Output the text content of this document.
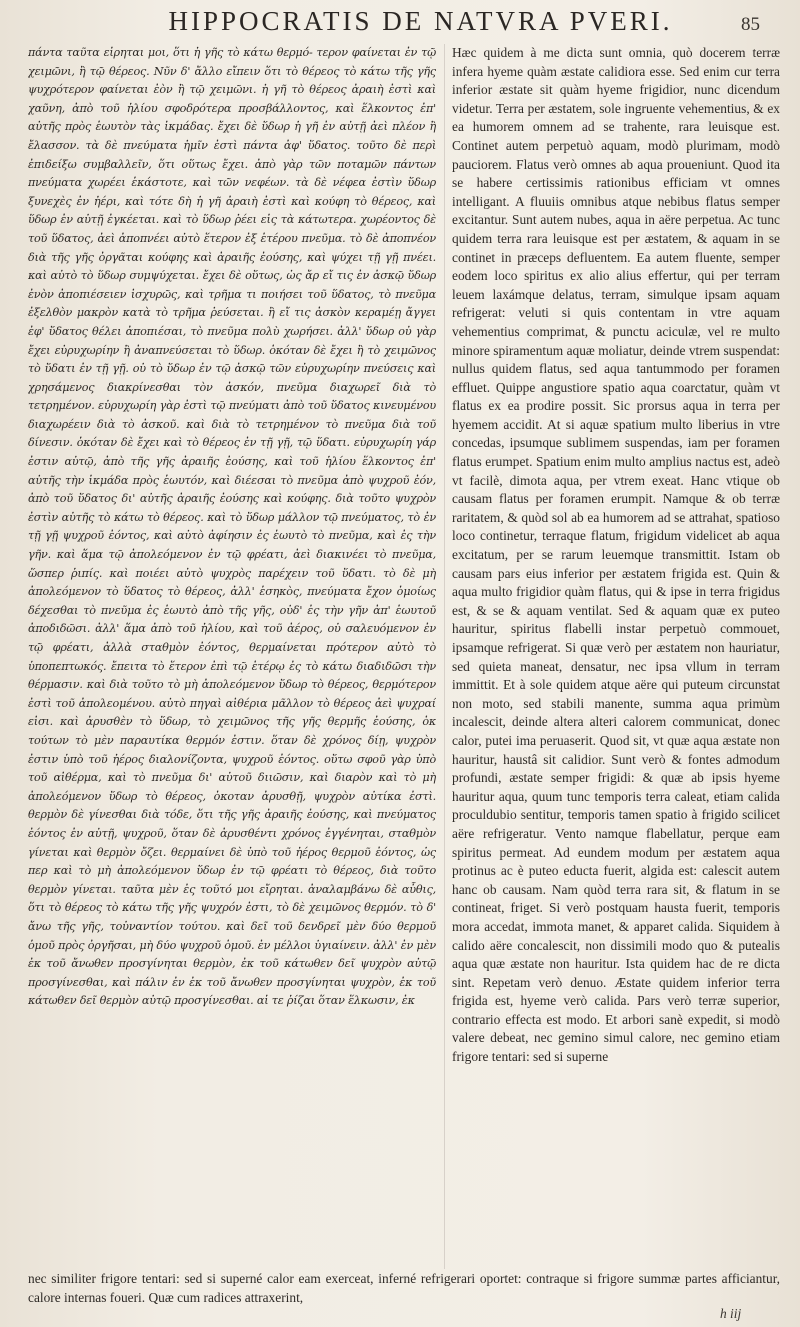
HIPPOCRATIS DE NATVRA PVERI.	85

πάντα ταῦτα εἰρηται μοι, ὅτι ἡ γῆς τὸ κάτω θερμό- τερον φαίνεται ἐν τῷ χειμῶνι, ἢ τῷ θέρεος. Νῦν δ' ἄλλο εἴπειν ὅτι τὸ θέρεος τὸ κάτω τῆς γῆς ψυχρότερον φαίνεται ἐὸν ἢ τῷ χειμῶνι. ἡ γῆ τὸ θέρεος ἀραιὴ ἐστὶ καὶ χαῦνη, ἀπὸ τοῦ ἡλίου σφοδρότερα προσβάλλοντος, καὶ ἕλκοντος ἐπ' αὐτῆς πρὸς ἑωυτὸν τὰς ἰκμάδας. ἔχει δὲ ὕδωρ ἡ γῆ ἐν αὐτῇ ἀεὶ πλέον ἢ ἔλασσον. τὰ δὲ πνεύματα ἡμῖν ἐστὶ πάντα ἀφ' ὕδατος. τοῦτο δὲ περὶ ἐπιδείξω συμβαλλεῖν, ὅτι οὕτως ἔχει. ἀπὸ γὰρ τῶν ποταμῶν πάντων πνεύματα χωρέει ἑκάστοτε, καὶ τῶν νεφέων. τὰ δὲ νέφεα ἐστὶν ὕδωρ ξυνεχὲς ἐν ἠέρι, καὶ τότε δὴ ἡ γῆ ἀραιὴ ἐστὶ καὶ κούφη τὸ θέρεος, καὶ ὕδωρ ἐν αὐτῇ ἐγκέεται. καὶ τὸ ὕδωρ ῥέει εἰς τὰ κάτωτερα. χωρέοντος δὲ τοῦ ὕδατος, ἀεὶ ἀποπνέει αὐτὸ ἕτερον ἐξ ἑτέρου πνεῦμα. τὸ δὲ ἀποπνέον διὰ τῆς γῆς ὀργᾶται κούφης καὶ ἀραιῆς ἐούσης, καὶ ψύχει τῇ γῇ πνέει. καὶ αὐτὸ τὸ ὕδωρ συμψύχεται. ἔχει δὲ οὕτως, ὡς ἄρ εἴ τις ἐν ἀσκῷ ὕδωρ ἐνὸν ἀποπιέσειεν ἰσχυρῶς, καὶ τρῆμα τι ποιήσει τοῦ ὕδατος, τὸ πνεῦμα ἐξελθὸν μακρὸν κατὰ τὸ τρῆμα ῥεύσεται. ἢ εἴ τις ἀσκὸν κεραμέῃ ἄγγει ἐφ' ὕδατος θέλει ἀποπιέσαι, τὸ πνεῦμα πολὺ χωρήσει. ἀλλ' ὕδωρ οὐ γὰρ ἔχει εὐρυχωρίην ἢ ἀναπνεύσεται τὸ ὕδωρ. ὁκόταν δὲ ἔχει ἢ τὸ χειμῶνος τὸ ὕδατι ἐν τῇ γῇ. οὐ τὸ ὕδωρ ἐν τῷ ἀσκῷ τῶν εὐρυχωρίην πνεύσεις καὶ χρησάμενος διακρίνεσθαι τὸν ἀσκόν, πνεῦμα διαχωρεῖ διὰ τὸ τετρημένον. εὐρυχωρίη γὰρ ἐστὶ τῷ πνεύματι ἀπὸ τοῦ ὕδατος κινευμένου διαχωρέειν διὰ τὸ ἀσκοῦ. καὶ διὰ τὸ τετρημένον τὸ πνεῦμα διὰ τοῦ δίνεσιν. ὁκόταν δὲ ἔχει καὶ τὸ θέρεος ἐν τῇ γῇ, τῷ ὕδατι. εὐρυχωρίη γάρ ἐστιν αὐτῷ, ἀπὸ τῆς γῆς ἀραιῆς ἐούσης, καὶ τοῦ ἡλίου ἕλκοντος ἐπ' αὐτῆς τὴν ἰκμάδα πρὸς ἑωυτόν, καὶ διέεσαι τὸ πνεῦμα ἀπὸ ψυχροῦ ἐόν, ἀπὸ τοῦ ὕδατος δι' αὐτῆς ἀραιῆς ἐούσης καὶ κούφης. διὰ τοῦτο ψυχρὸν ἐστὶν αὐτῆς τὸ κάτω τὸ θέρεος. καὶ τὸ ὕδωρ μάλλον τῷ πνεύματος, τὸ ἐν τῇ γῇ ψυχροῦ ἐόντος, καὶ αὐτὸ ἀφίησιν ἐς ἑωυτὸ τὸ πνεῦμα, καὶ ἐς τὴν γῆν. καὶ ἅμα τῷ ἀπολεόμενον ἐν τῷ φρέατι, ἀεὶ διακινέει τὸ πνεῦμα, ὥσπερ ῥιπίς. καὶ ποιέει αὐτὸ ψυχρὸς παρέχειν τοῦ ὕδατι. τὸ δὲ μὴ ἀπολεόμενον τὸ ὕδατος τὸ θέρεος, ἀλλ' ἑσηκὸς, πνεύματα ἔχον ὁμοίως δέχεσθαι τὸ πνεῦμα ἐς ἑωυτὸ ἀπὸ τῆς γῆς, οὐδ' ἐς τὴν γῆν ἀπ' ἑωυτοῦ ἀποδιδῶσι. ἀλλ' ἅμα ἀπὸ τοῦ ἡλίου, καὶ τοῦ ἀέρος, οὐ σαλευόμενον ἐν τῷ φρέατι, ἀλλὰ σταθμὸν ἐόντος, θερμαίνεται πρότερον αὐτὸ τὸ ὑποπεπτωκός. ἔπειτα τὸ ἕτερον ἐπὶ τῷ ἑτέρῳ ἐς τὸ κάτω διαδιδῶσι τὴν θέρμασιν. καὶ διὰ τοῦτο τὸ μὴ ἀπολεόμενον ὕδωρ τὸ θέρεος, θερμότερον ἐστὶ τοῦ ἀπολεομένου. αὐτὸ πηγαὶ αἰθέρια μᾶλλον τὸ θέρεος ἀεὶ ψυχραί εἰσι. καὶ ἀρυσθὲν τὸ ὕδωρ, τὸ χειμῶνος τῆς γῆς θερμῆς ἐούσης, ὁκ τούτων τὸ μὲν παραυτίκα θερμόν ἐστιν. ὅταν δὲ χρόνος δίῃ, ψυχρὸν ἐστιν ὑπὸ τοῦ ἠέρος διαλονίζοντα, ψυχροῦ ἐόντος. οὕτω σφοῦ γὰρ ὑπὸ τοῦ αἰθέρμα, καὶ τὸ πνεῦμα δι' αὐτοῦ διιῶσιν, καὶ διαρὸν καὶ τὸ μὴ ἀπολεόμενον ὕδωρ τὸ θέρεος, ὁκοταν ἀρυσθῇ, ψυχρὸν αὐτίκα ἐστὶ. θερμὸν δὲ γίνεσθαι διὰ τόδε, ὅτι τῆς γῆς ἀραιῆς ἐούσης, καὶ πνεύματος ἐόντος ἐν αὐτῇ, ψυχροῦ, ὅταν δὲ ἀρυσθέντι χρόνος ἐγγένηται, σταθμὸν γίνεται καὶ θερμὸν ὄζει. θερμαίνει δὲ ὑπὸ τοῦ ἠέρος θερμοῦ ἐόντος, ὡς περ καὶ τὸ μὴ ἀπολεόμενον ὕδωρ ἐν τῷ φρέατι τὸ θέρεος, διὰ τοῦτο θερμὸν γίνεται. ταῦτα μὲν ἐς τοῦτό μοι εἴρηται. ἀναλαμβάνω δὲ αὖθις, ὅτι τὸ θέρεος τὸ κάτω τῆς γῆς ψυχρόν ἐστι, τὸ δὲ χειμῶνος θερμόν. τὸ δ' ἄνω τῆς γῆς, τοὐναντίον τούτου. καὶ δεῖ τοῦ δενδρεῖ μὲν δύο θερμοῦ ὁμοῦ πρὸς ὀργῆσαι, μὴ δύο ψυχροῦ ὁμοῦ. ἐν μέλλοι ὑγιαίνειν. ἀλλ' ἐν μὲν ἐκ τοῦ ἄνωθεν προσγίνηται θερμὸν, ἐκ τοῦ κάτωθεν δεῖ ψυχρὸν αὐτῷ προσγίνεσθαι, καὶ πάλιν ἐν ἐκ τοῦ ἄνωθεν προσγίνηται ψυχρὸν, ἐκ τοῦ κάτωθεν δεῖ θερμὸν αὐτῷ προσγίνεσθαι. αἱ τε ῥίζαι ὅταν ἕλκωσιν, ἐκ

Hæc quidem à me dicta sunt omnia, quò docerem terræ infera hyeme quàm æstate calidiora esse. Sed enim cur terra inferior æstate sit quàm hyeme frigidior, nunc dicendum videtur. Terra per æstatem, sole ingruente vehementius, & ex ea humorem omnem ad se trahente, rara leuisque est. Continet autem perpetuò aquam, modò plurimam, modò pauciorem. Flatus verò omnes ab aqua proueniunt. Quod ita se habere certissimis rationibus efficiam vt omnes intelligant. A fluuiis omnibus atque nebibus flatus semper excitantur. Sunt autem nubes, aqua in aëre perpetua. Ac tunc quidem terra rara leuisque est per æstatem, & aquam in se continet in præceps defluentem. Ea autem fluente, semper eodem loco spiritus ex alio alius effertur, qui per terram leuem laxámque delatus, terram, simulque ipsam aquam refrigerat: veluti si quis contentam in vtre aquam vehementius comprimat, & punctu aciculæ, vel re multo minore spiramentum aquæ moliatur, deinde vtrem suspendat: nullus quidem flatus, sed aqua tantummodo per foramen effluet. Quippe angustiore spatio aqua coarctatur, quàm vt flatus ex ea prodire possit. Sic prorsus aqua in terra per hyemem accidit. At si aquæ spatium multo liberius in vtre concedas, ipsumque sublimem suspendas, iam per foramen flatus erumpet. Spatium enim multo amplius nactus est, adeò vt facilè, dimota aqua, per vtrem exeat. Hanc vtique ob causam flatus per foramen erumpit. Namque & ob terræ raritatem, & quòd sol ab ea humorem ad se attrahat, spatioso loco continetur, terraque flatum, frigidum videlicet ab aqua excitatum, per se rarum leuemque transmittit. Istam ob causam pars eius inferior per æstatem frigida est. Quin & aqua multo frigidior quàm flatus, qui & ipse in terra frigidus est, & se & aquam ventilat. Sed & aquam quæ ex puteo hauritur, spiritus flabelli instar perpetuò commouet, ipsamque refrigerat. Si quæ verò per æstatem non hauriatur, sed quieta maneat, densatur, nec ipsa vllum in terram immittit. Et à sole quidem atque aëre qui puteum circunstat non moto, sed stabili manente, summa aqua primùm incalescit, deinde altera alteri calorem communicat, donec calor, putei ima peruaserit. Quod sit, vt quæ aqua æstate non hauritur, haustâ sit calidior. Sunt verò & fontes admodum profundi, æstate semper frigidi: & quæ ab ipsis hyeme hauritur aqua, quum tunc temporis terra caleat, etiam calida proculdubio sentitur, temporis tamen spatio à frigido scilicet aëre refrigeratur. Vento namque flabellatur, perque eam spiritus permeat. Ad eundem modum per æstatem aqua protinus ac è puteo educta fuerit, algida est: calescit autem hanc ob causam. Nam quòd terra rara sit, & flatum in se contineat, friget. Si verò postquam hausta fuerit, temporis mora accedat, immota manet, & apparet calida. Siquidem à calido aëre concalescit, non dissimili modo quo & putealis aqua quæ æstate non hauritur. Ista quidem hac de re dicta sint. Repetam verò denuo. Æstate quidem inferior terra frigida est, hyeme verò calida. Pars verò terræ superior, contrario effecta est modo. Et arbori sanè expedit, si modò valere debeat, nec gemino simul calore, nec gemino etiam frigore tentari: sed si superne

nec similiter frigore tentari: sed si superné calor eam exerceat, inferné refrigerari oportet: contraque si frigore summæ partes afficiantur, calore internas foueri. Quæ cum radices attraxerint,
h iij
